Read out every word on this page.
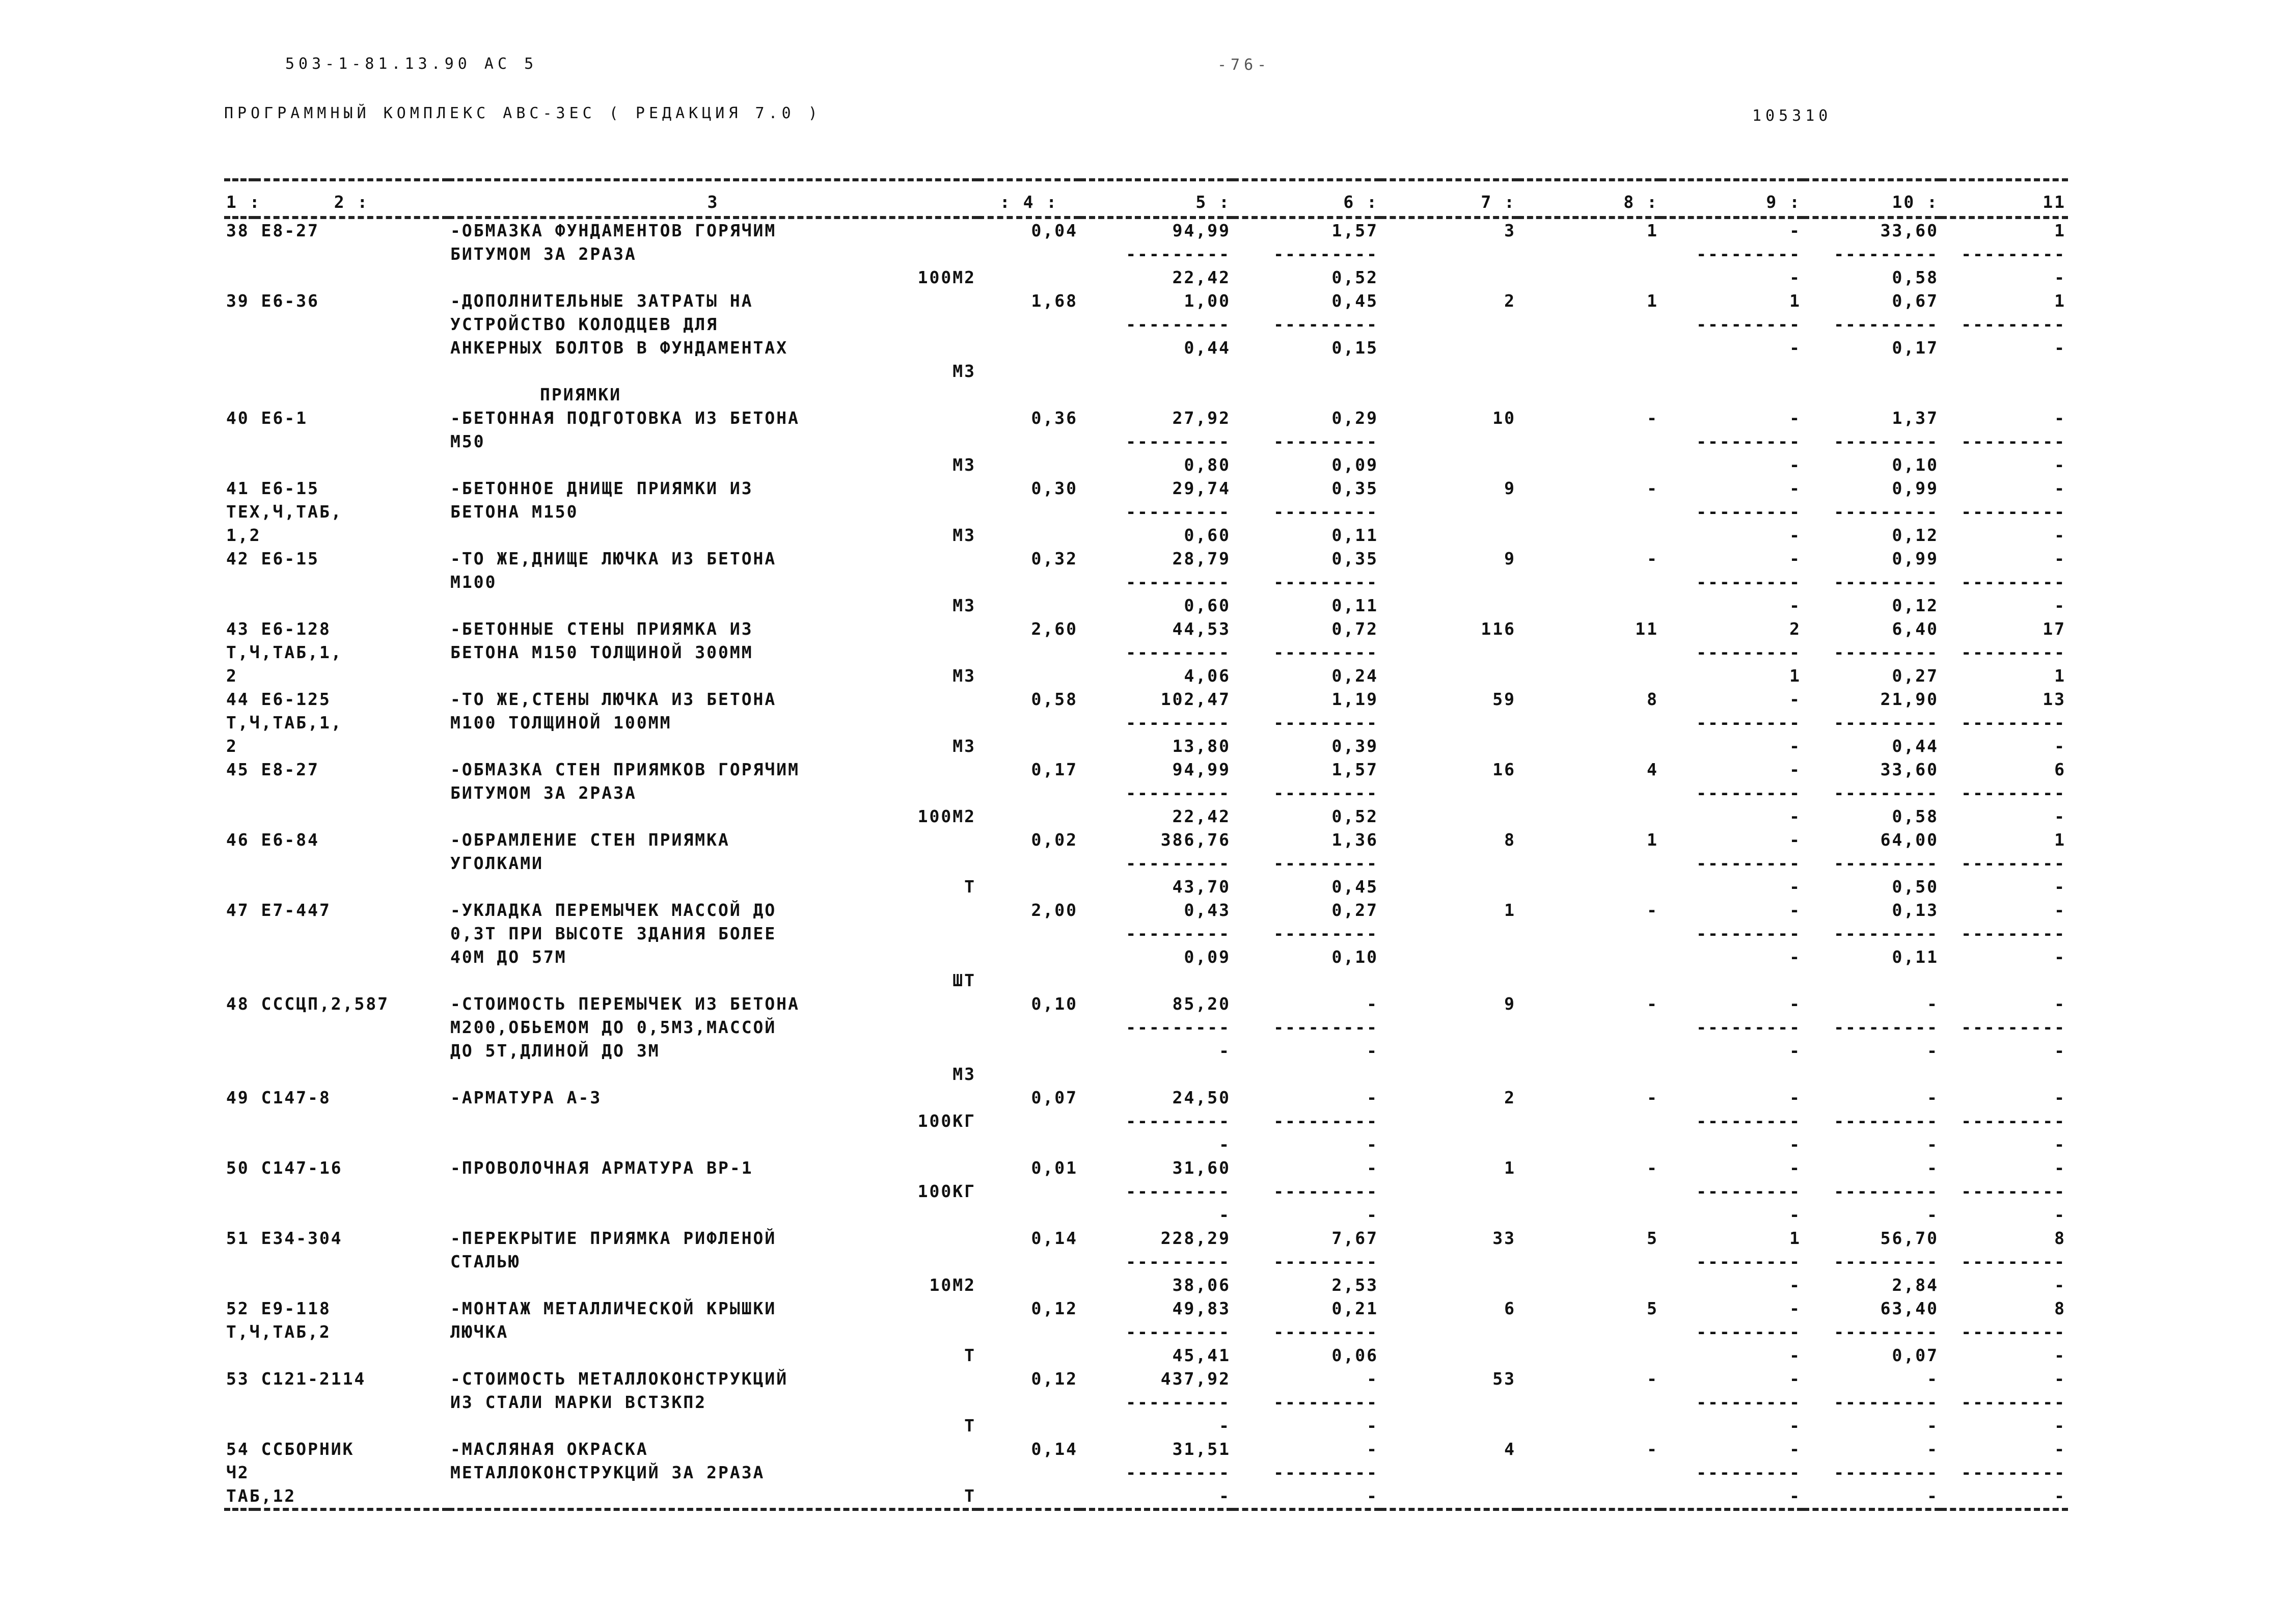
503-1-81.13.90 АС 5	-76-
ПРОГРАММНЫЙ КОМПЛЕКС АВС-3ЕС ( РЕДАКЦИЯ 7.0 )	105310

1 :	2 :	3	: 4 :	5 :	6 :	7 :	8 :	9 :	10 :	11
38 Е8-27		-ОБМАЗКА ФУНДАМЕНТОВ ГОРЯЧИМ	0,04	94,99	1,57	3	1	-	33,60	1
		БИТУМОМ ЗА 2РАЗА		---------	---------			---------	---------	---------
		100М2		22,42	0,52			-	0,58	-
39 Е6-36		-ДОПОЛНИТЕЛЬНЫЕ ЗАТРАТЫ НА	1,68	1,00	0,45	2	1	1	0,67	1
		УСТРОЙСТВО КОЛОДЦЕВ ДЛЯ		---------	---------			---------	---------	---------
		АНКЕРНЫХ БОЛТОВ В ФУНДАМЕНТАХ		0,44	0,15			-	0,17	-
		М3								
		ПРИЯМКИ								
40 Е6-1		-БЕТОННАЯ ПОДГОТОВКА ИЗ БЕТОНА	0,36	27,92	0,29	10	-	-	1,37	-
		М50		---------	---------			---------	---------	---------
		М3		0,80	0,09			-	0,10	-
41 Е6-15		-БЕТОННОЕ ДНИЩЕ ПРИЯМКИ ИЗ	0,30	29,74	0,35	9	-	-	0,99	-
ТЕХ,Ч,ТАБ,		БЕТОНА М150		---------	---------			---------	---------	---------
1,2		М3		0,60	0,11			-	0,12	-
42 Е6-15		-ТО ЖЕ,ДНИЩЕ ЛЮЧКА ИЗ БЕТОНА	0,32	28,79	0,35	9	-	-	0,99	-
		М100		---------	---------			---------	---------	---------
		М3		0,60	0,11			-	0,12	-
43 Е6-128		-БЕТОННЫЕ СТЕНЫ ПРИЯМКА ИЗ	2,60	44,53	0,72	116	11	2	6,40	17
Т,Ч,ТАБ,1,		БЕТОНА М150 ТОЛЩИНОЙ 300ММ		---------	---------			---------	---------	---------
2		М3		4,06	0,24			1	0,27	1
44 Е6-125		-ТО ЖЕ,СТЕНЫ ЛЮЧКА ИЗ БЕТОНА	0,58	102,47	1,19	59	8	-	21,90	13
Т,Ч,ТАБ,1,		М100 ТОЛЩИНОЙ 100ММ		---------	---------			---------	---------	---------
2		М3		13,80	0,39			-	0,44	-
45 Е8-27		-ОБМАЗКА СТЕН ПРИЯМКОВ ГОРЯЧИМ	0,17	94,99	1,57	16	4	-	33,60	6
		БИТУМОМ ЗА 2РАЗА		---------	---------			---------	---------	---------
		100М2		22,42	0,52			-	0,58	-
46 Е6-84		-ОБРАМЛЕНИЕ СТЕН ПРИЯМКА	0,02	386,76	1,36	8	1	-	64,00	1
		УГОЛКАМИ		---------	---------			---------	---------	---------
		Т		43,70	0,45			-	0,50	-
47 Е7-447		-УКЛАДКА ПЕРЕМЫЧЕК МАССОЙ ДО	2,00	0,43	0,27	1	-	-	0,13	-
		0,3Т ПРИ ВЫСОТЕ ЗДАНИЯ БОЛЕЕ		---------	---------			---------	---------	---------
		40М ДО 57М		0,09	0,10			-	0,11	-
		ШТ								
48 СССЦП,2,587		-СТОИМОСТЬ ПЕРЕМЫЧЕК ИЗ БЕТОНА	0,10	85,20	-	9	-	-	-	-
		М200,ОБЬЕМОМ ДО 0,5М3,МАССОЙ		---------	---------			---------	---------	---------
		ДО 5Т,ДЛИНОЙ ДО 3М		-	-			-	-	-
		М3								
49 С147-8		-АРМАТУРА А-3	0,07	24,50	-	2	-	-	-	-
		100КГ		---------	---------			---------	---------	---------
				-	-			-	-	-
50 С147-16		-ПРОВОЛОЧНАЯ АРМАТУРА ВР-1	0,01	31,60	-	1	-	-	-	-
		100КГ		---------	---------			---------	---------	---------
				-	-			-	-	-
51 Е34-304		-ПЕРЕКРЫТИЕ ПРИЯМКА РИФЛЕНОЙ	0,14	228,29	7,67	33	5	1	56,70	8
		СТАЛЬЮ		---------	---------			---------	---------	---------
		10М2		38,06	2,53			-	2,84	-
52 Е9-118		-МОНТАЖ МЕТАЛЛИЧЕСКОЙ КРЫШКИ	0,12	49,83	0,21	6	5	-	63,40	8
Т,Ч,ТАБ,2		ЛЮЧКА		---------	---------			---------	---------	---------
		Т		45,41	0,06			-	0,07	-
53 С121-2114		-СТОИМОСТЬ МЕТАЛЛОКОНСТРУКЦИЙ	0,12	437,92	-	53	-	-	-	-
		ИЗ СТАЛИ МАРКИ ВСТ3КП2		---------	---------			---------	---------	---------
		Т		-	-			-	-	-
54 ССБОРНИК		-МАСЛЯНАЯ ОКРАСКА	0,14	31,51	-	4	-	-	-	-
Ч2		МЕТАЛЛОКОНСТРУКЦИЙ ЗА 2РАЗА		---------	---------			---------	---------	---------
ТАБ,12		Т		-	-			-	-	-
